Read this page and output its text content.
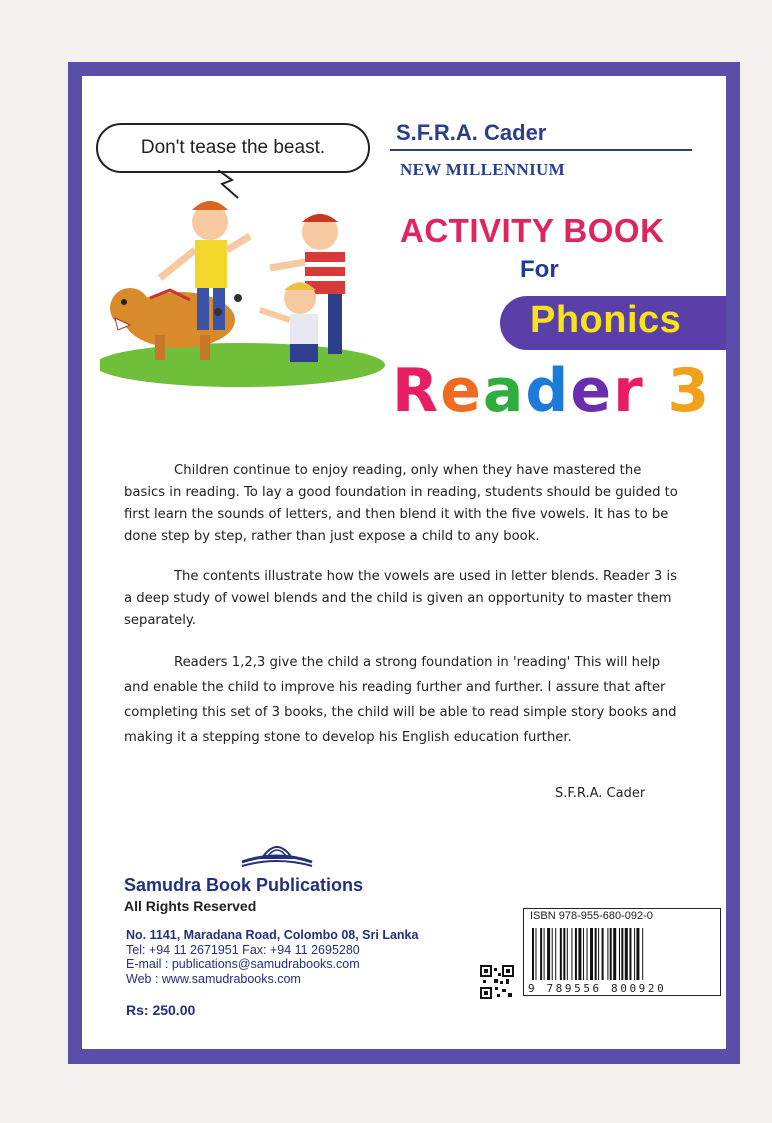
Don't tease the beast.
S.F.R.A. Cader
NEW MILLENNIUM
ACTIVITY BOOK
For
Phonics
Reader 3

Children continue to enjoy reading, only when they have mastered the basics in reading. To lay a good foundation in reading, students should be guided to first learn the sounds of letters, and then blend it with the five vowels. It has to be done step by step, rather than just expose a child to any book.

The contents illustrate how the vowels are used in letter blends. Reader 3 is a deep study of vowel blends and the child is given an opportunity to master them separately.

Readers 1,2,3 give the child a strong foundation in 'reading' This will help and enable the child to improve his reading further and further. I assure that after completing this set of 3 books, the child will be able to read simple story books and making it a stepping stone to develop his English education further.

S.F.R.A. Cader
Samudra Book Publications
All Rights Reserved
No. 1141, Maradana Road, Colombo 08, Sri Lanka
Tel: +94 11 2671951 Fax: +94 11 2695280
E-mail : publications@samudrabooks.com
Web : www.samudrabooks.com
Rs: 250.00
ISBN 978-955-680-092-0
9 789556 800920
